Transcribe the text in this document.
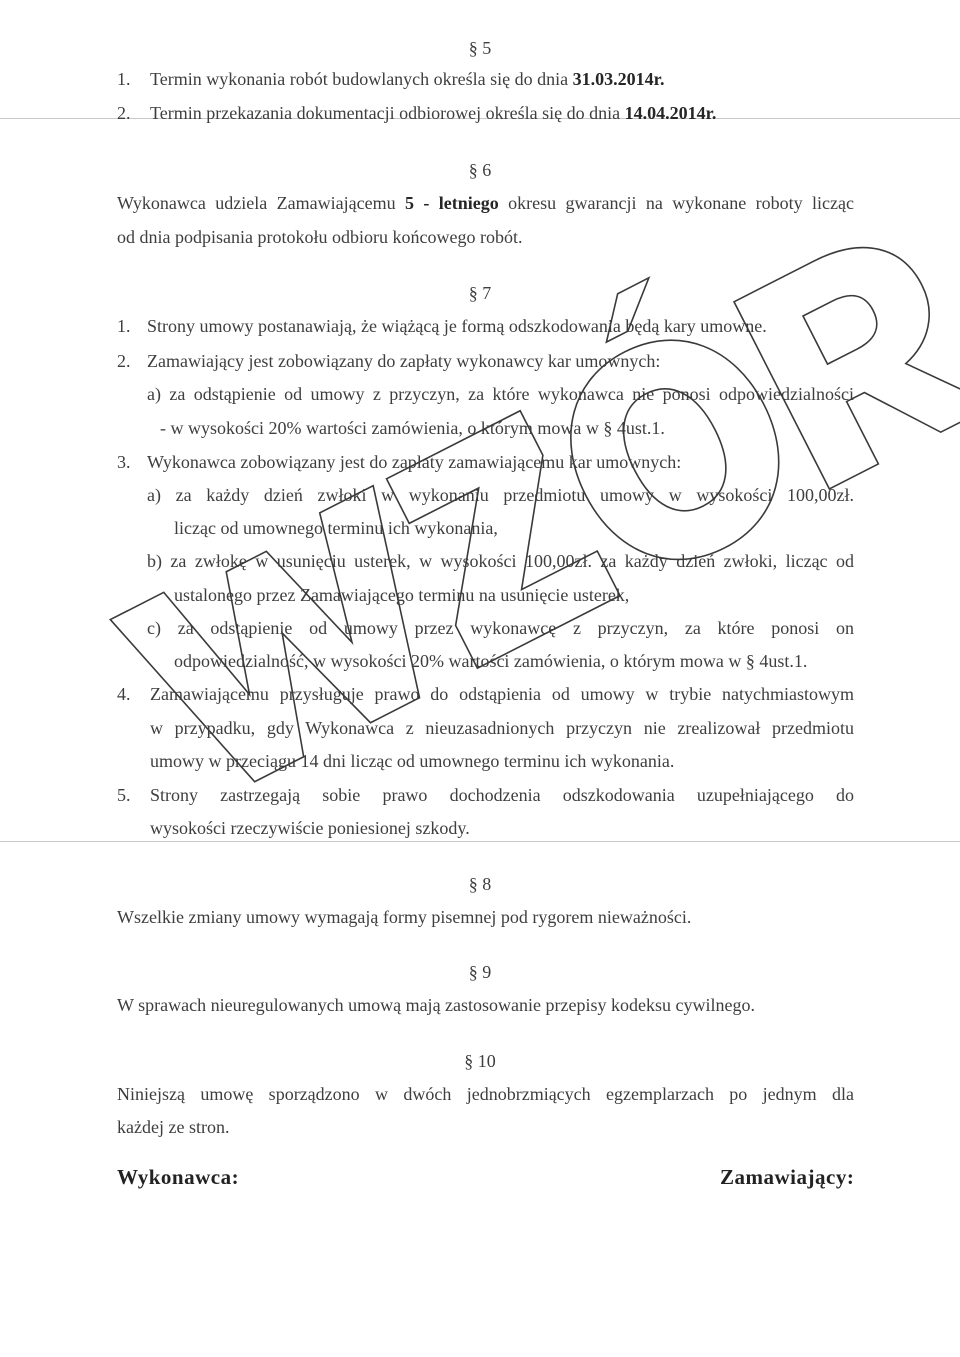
§ 5
1. Termin wykonania robót budowlanych określa się do dnia 31.03.2014r.
2. Termin przekazania dokumentacji odbiorowej określa się do dnia 14.04.2014r.
§ 6
Wykonawca udziela Zamawiającemu 5 - letniego okresu gwarancji na wykonane roboty licząc
od dnia podpisania protokołu odbioru końcowego robót.
§ 7
1. Strony umowy postanawiają, że wiążącą je formą odszkodowania będą kary umowne.
2. Zamawiający jest zobowiązany do zapłaty wykonawcy kar umownych:
a) za odstąpienie od umowy z przyczyn, za które wykonawca nie ponosi odpowiedzialności
- w wysokości 20% wartości zamówienia, o którym mowa w § 4ust.1.
3. Wykonawca zobowiązany jest do zapłaty zamawiającemu kar umownych:
a) za każdy dzień zwłoki w wykonaniu przedmiotu umowy w wysokości 100,00zł.
licząc od umownego terminu ich wykonania,
b) za zwłokę w usunięciu usterek, w wysokości 100,00zł. za każdy dzień zwłoki, licząc od
ustalonego przez Zamawiającego terminu na usunięcie usterek,
c) za odstąpienie od umowy przez wykonawcę z przyczyn, za które ponosi on
odpowiedzialność, w wysokości 20% wartości zamówienia, o którym mowa w § 4ust.1.
4. Zamawiającemu przysługuje prawo do odstąpienia od umowy w trybie natychmiastowym
w przypadku, gdy Wykonawca z nieuzasadnionych przyczyn nie zrealizował przedmiotu
umowy w przeciągu 14 dni licząc od umownego terminu ich wykonania.
5. Strony zastrzegają sobie prawo dochodzenia odszkodowania uzupełniającego do
wysokości rzeczywiście poniesionej szkody.
§ 8
Wszelkie zmiany umowy wymagają formy pisemnej pod rygorem nieważności.
§ 9
W sprawach nieuregulowanych umową mają zastosowanie przepisy kodeksu cywilnego.
§ 10
Niniejszą umowę sporządzono w dwóch jednobrzmiących egzemplarzach po jednym dla
każdej ze stron.
Wykonawca:	Zamawiający:
